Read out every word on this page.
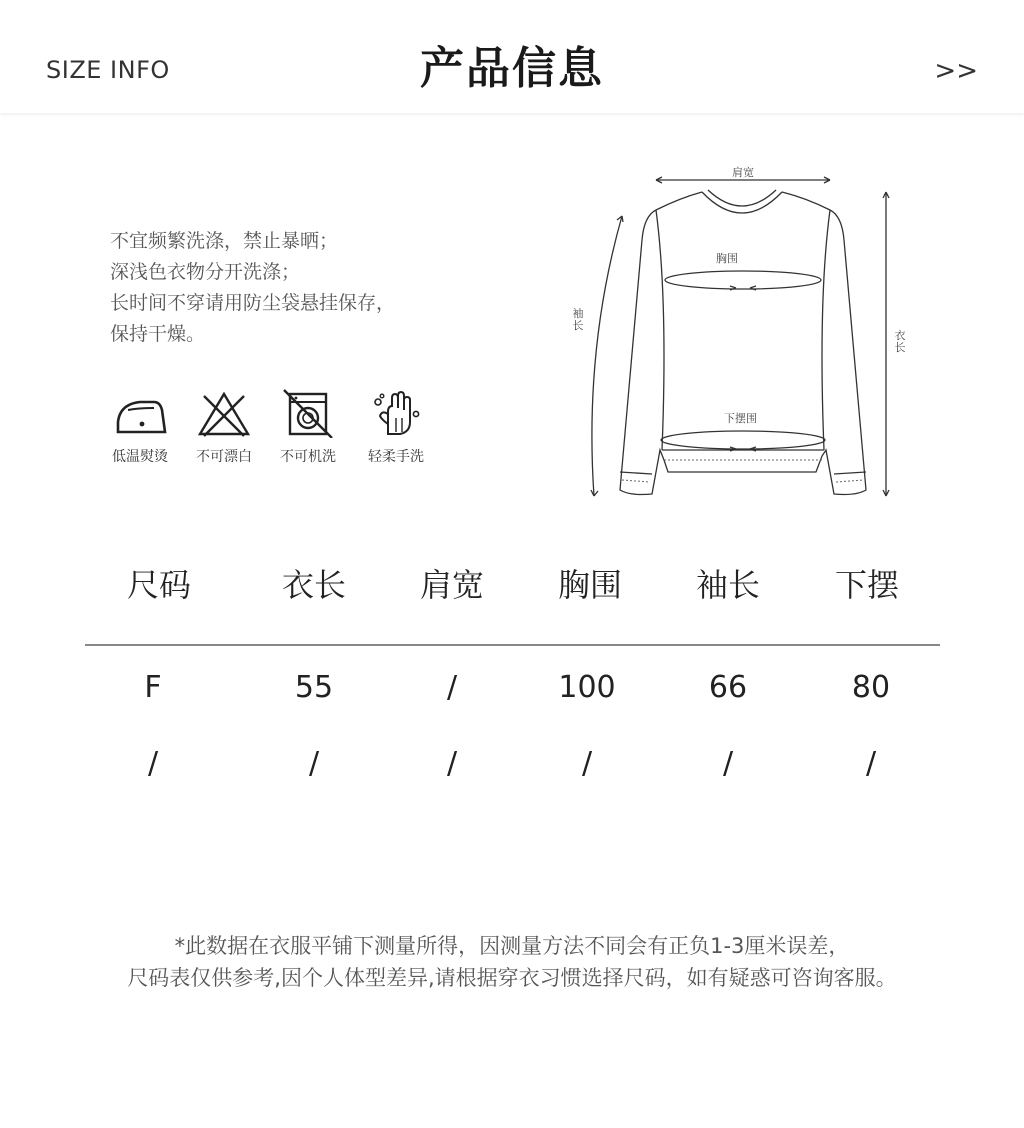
SIZE INFO	产品信息	>>
不宜频繁洗涤，禁止暴晒；
深浅色衣物分开洗涤；
长时间不穿请用防尘袋悬挂保存，
保持干燥。
低温熨烫	不可漂白	不可机洗	轻柔手洗
肩宽
胸围
下摆围
袖
长
衣
长
尺码	衣长	肩宽	胸围	袖长	下摆
F	55	/	100	66	80
/	/	/	/	/	/
*此数据在衣服平铺下测量所得，因测量方法不同会有正负1-3厘米误差，
尺码表仅供参考,因个人体型差异,请根据穿衣习惯选择尺码，如有疑惑可咨询客服。
